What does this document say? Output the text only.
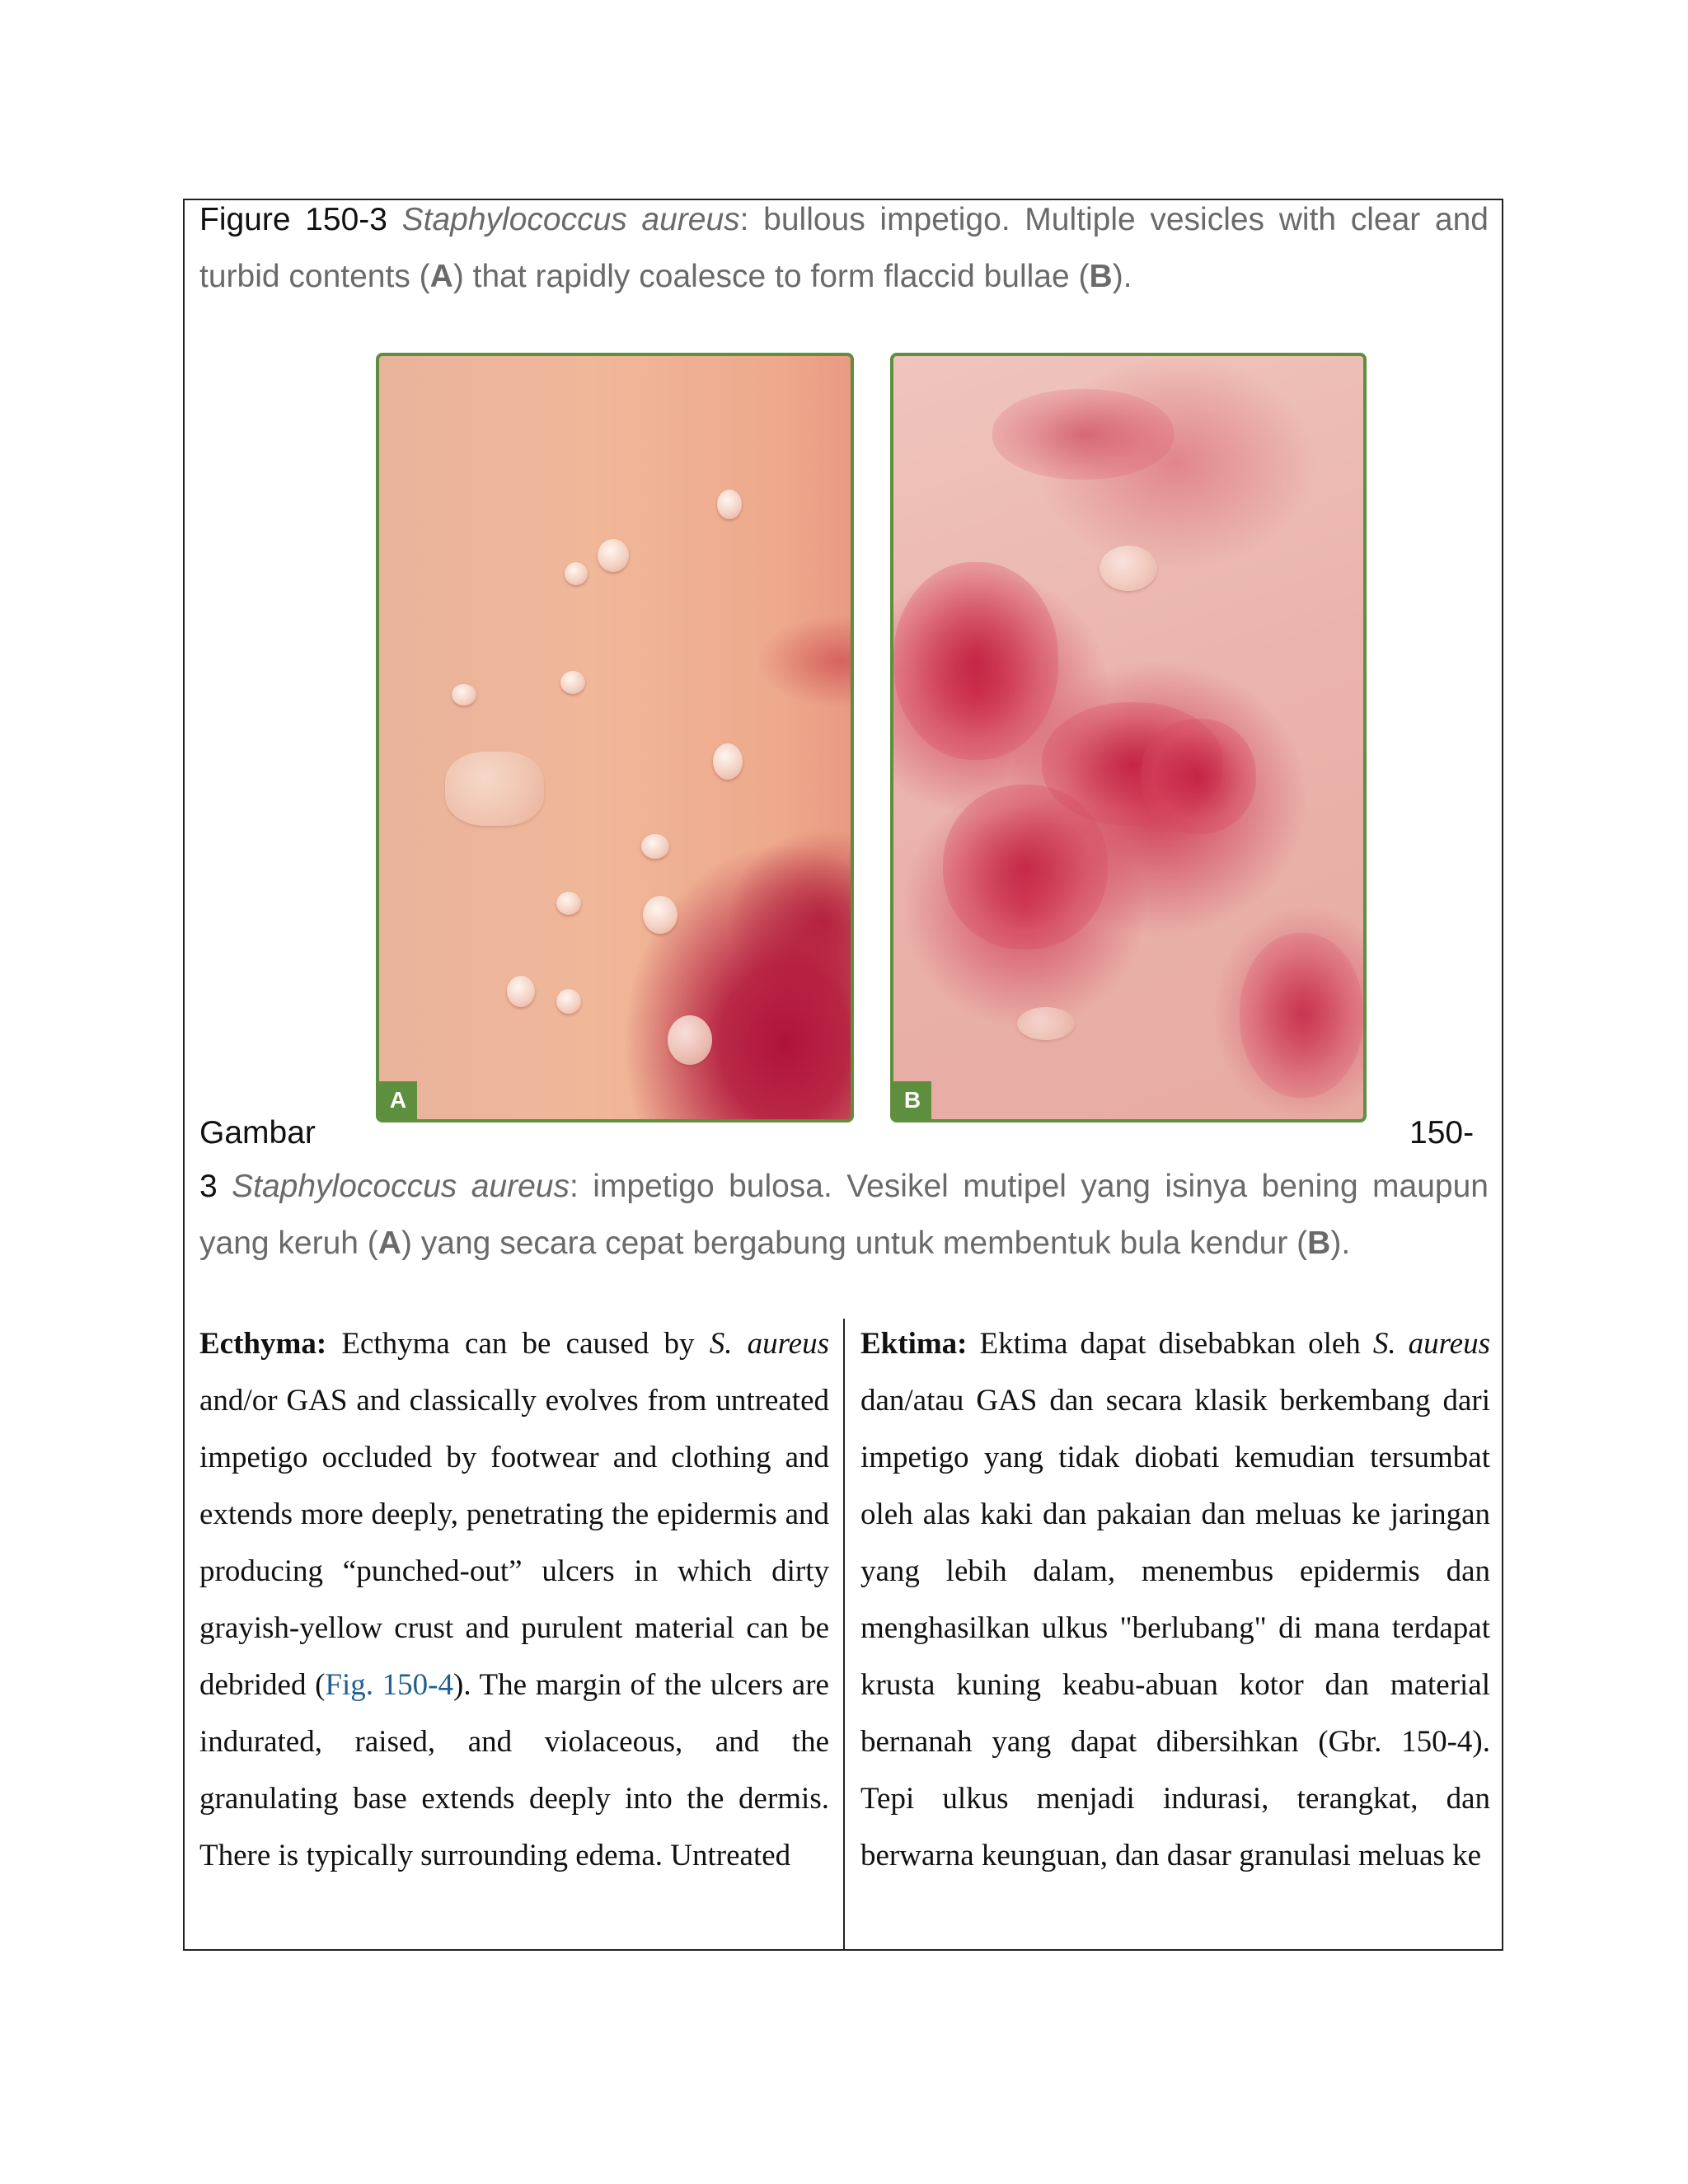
Figure 150-3 Staphylococcus aureus: bullous impetigo. Multiple vesicles with clear and turbid contents (A) that rapidly coalesce to form flaccid bullae (B).
A	B
Gambar	150-
3 Staphylococcus aureus: impetigo bulosa. Vesikel mutipel yang isinya bening maupun yang keruh (A) yang secara cepat bergabung untuk membentuk bula kendur (B).
Ecthyma: Ecthyma can be caused by S. aureus and/or GAS and classically evolves from untreated impetigo occluded by footwear and clothing and extends more deeply, penetrating the epidermis and producing “punched-out” ulcers in which dirty grayish-yellow crust and purulent material can be debrided (Fig. 150-4). The margin of the ulcers are indurated, raised, and violaceous, and the granulating base extends deeply into the dermis. There is typically surrounding edema. Untreated
Ektima: Ektima dapat disebabkan oleh S. aureus dan/atau GAS dan secara klasik berkembang dari impetigo yang tidak diobati kemudian tersumbat oleh alas kaki dan pakaian dan meluas ke jaringan yang lebih dalam, menembus epidermis dan menghasilkan ulkus "berlubang" di mana terdapat krusta kuning keabu-abuan kotor dan material bernanah yang dapat dibersihkan (Gbr. 150-4). Tepi ulkus menjadi indurasi, terangkat, dan berwarna keunguan, dan dasar granulasi meluas ke
